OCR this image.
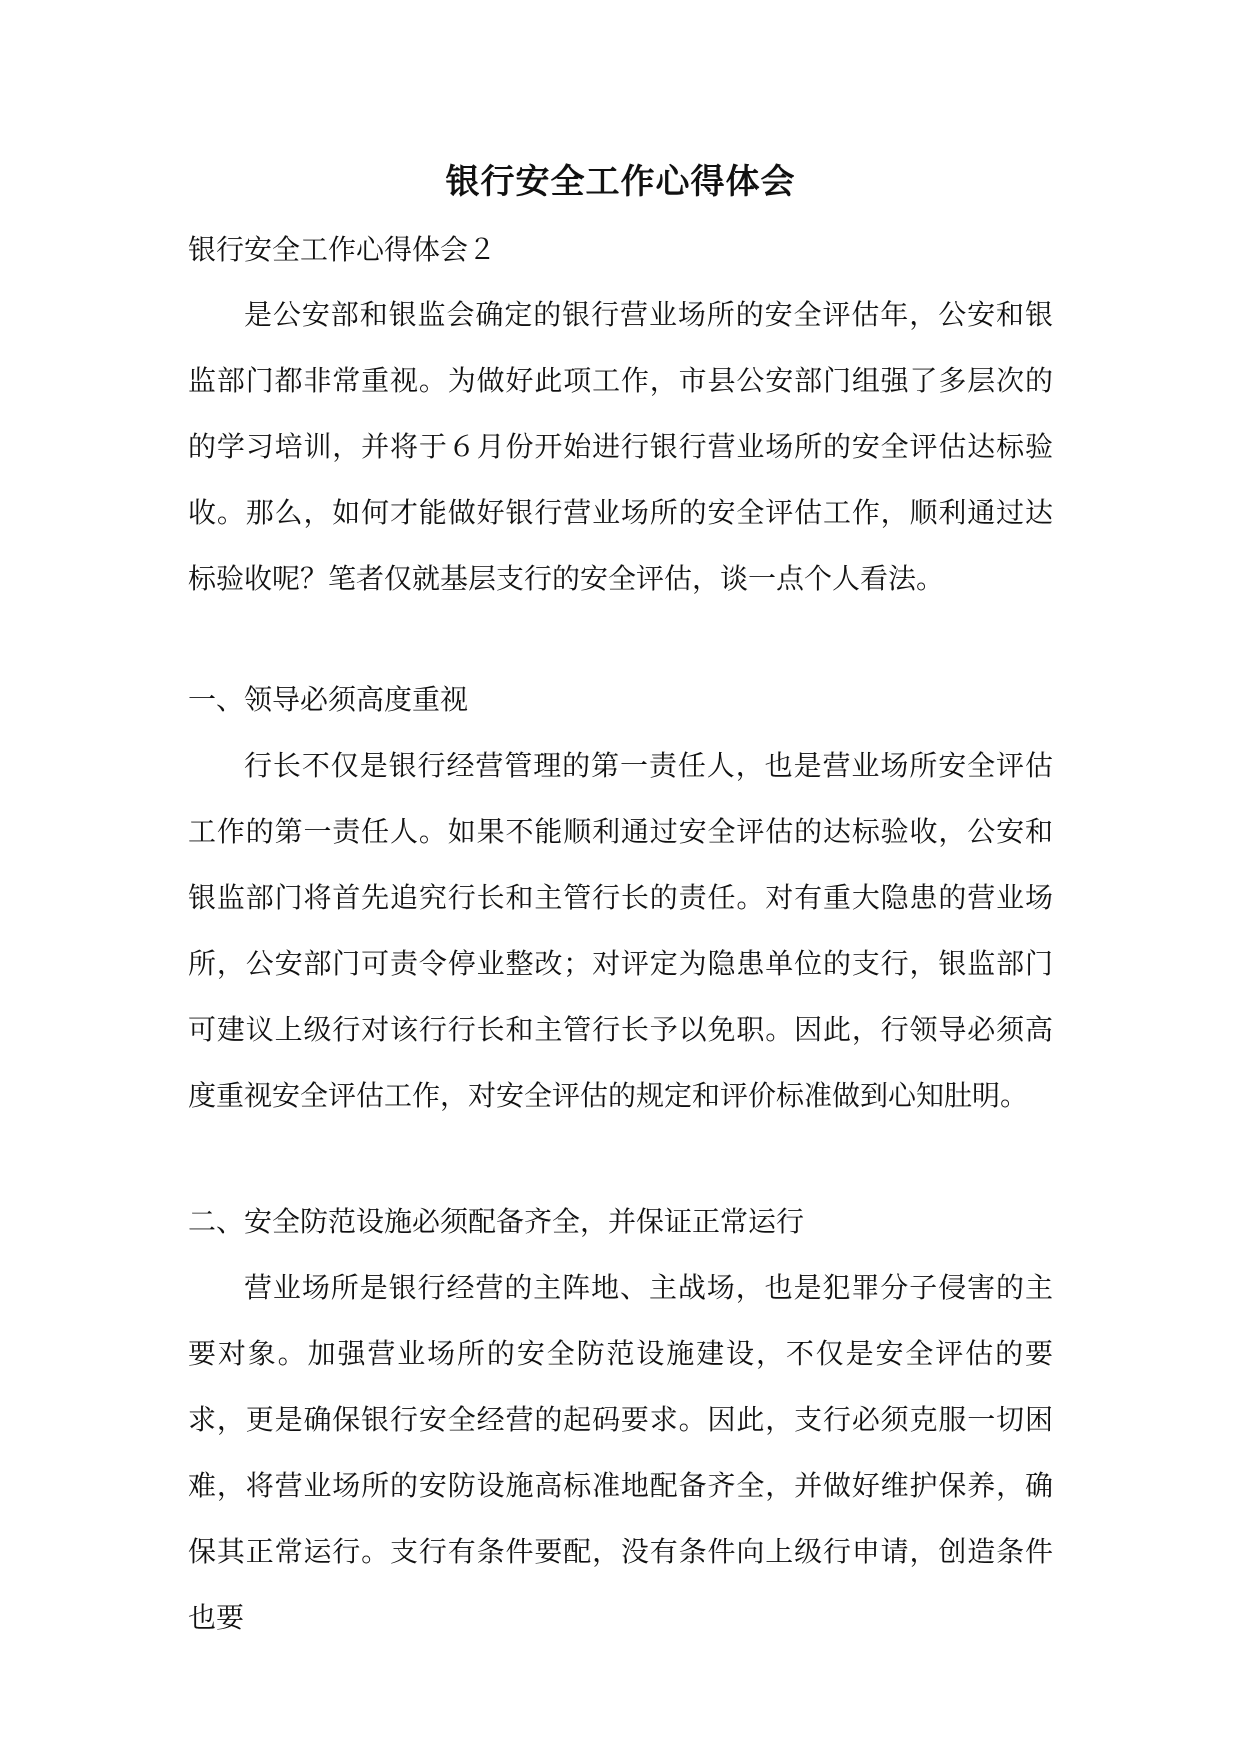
银行安全工作心得体会

银行安全工作心得体会２

是公安部和银监会确定的银行营业场所的安全评估年，公安和银监部门都非常重视。为做好此项工作，市县公安部门组强了多层次的的学习培训，并将于６月份开始进行银行营业场所的安全评估达标验收。那么，如何才能做好银行营业场所的安全评估工作，顺利通过达标验收呢？笔者仅就基层支行的安全评估，谈一点个人看法。

一、领导必须高度重视

行长不仅是银行经营管理的第一责任人，也是营业场所安全评估工作的第一责任人。如果不能顺利通过安全评估的达标验收，公安和银监部门将首先追究行长和主管行长的责任。对有重大隐患的营业场所，公安部门可责令停业整改；对评定为隐患单位的支行，银监部门可建议上级行对该行行长和主管行长予以免职。因此，行领导必须高度重视安全评估工作，对安全评估的规定和评价标准做到心知肚明。

二、安全防范设施必须配备齐全，并保证正常运行

营业场所是银行经营的主阵地、主战场，也是犯罪分子侵害的主要对象。加强营业场所的安全防范设施建设，不仅是安全评估的要求，更是确保银行安全经营的起码要求。因此，支行必须克服一切困难，将营业场所的安防设施高标准地配备齐全，并做好维护保养，确保其正常运行。支行有条件要配，没有条件向上级行申请，创造条件也要
